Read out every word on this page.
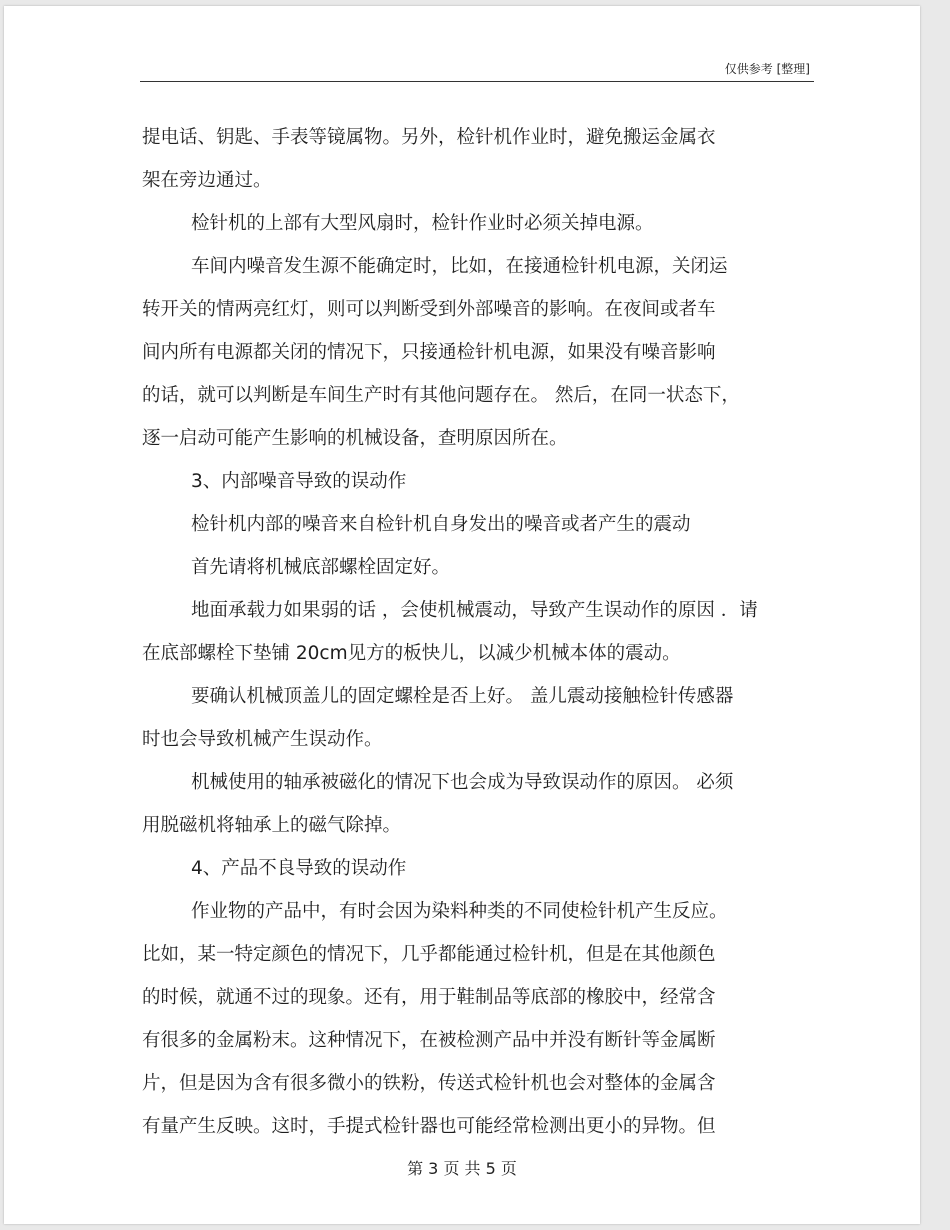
仅供参考 [整理]
提电话、钥匙、手表等镜属物。另外，检针机作业时，避免搬运金属衣
架在旁边通过。
检针机的上部有大型风扇时，检针作业时必须关掉电源。
车间内噪音发生源不能确定时，比如，在接通检针机电源，关闭运
转开关的情两亮红灯，则可以判断受到外部噪音的影响。在夜间或者车
间内所有电源都关闭的情况下，只接通检针机电源，如果没有噪音影响
的话，就可以判断是车间生产时有其他问题存在。 然后，在同一状态下，
逐一启动可能产生影响的机械设备，查明原因所在。
3、内部噪音导致的误动作
检针机内部的噪音来自检针机自身发出的噪音或者产生的震动
首先请将机械底部螺栓固定好。
地面承载力如果弱的话 ，会使机械震动，导致产生误动作的原因 ．请
在底部螺栓下垫铺 20cm见方的板快儿，以减少机械本体的震动。
要确认机械顶盖儿的固定螺栓是否上好。 盖儿震动接触检针传感器
时也会导致机械产生误动作。
机械使用的轴承被磁化的情况下也会成为导致误动作的原因。 必须
用脱磁机将轴承上的磁气除掉。
4、产品不良导致的误动作
作业物的产品中，有时会因为染料种类的不同使检针机产生反应。
比如，某一特定颜色的情况下，几乎都能通过检针机，但是在其他颜色
的时候，就通不过的现象。还有，用于鞋制品等底部的橡胶中，经常含
有很多的金属粉末。这种情况下，在被检测产品中并没有断针等金属断
片，但是因为含有很多微小的铁粉，传送式检针机也会对整体的金属含
有量产生反映。这时，手提式检针器也可能经常检测出更小的异物。但
第 3 页 共 5 页
